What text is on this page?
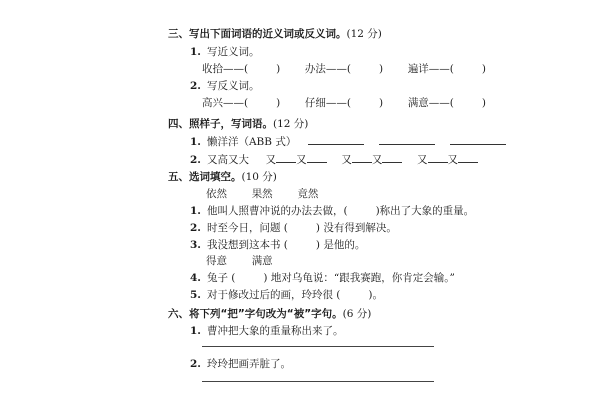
三、写出下面词语的近义词或反义词。(12 分)
1. 写近义词。
收拾——(	) 办法——(	) 遍详——(	)
2. 写反义词。
高兴——(	) 仔细——(	) 满意——(	)
四、照样子，写词语。(12 分)
1. 懒洋洋（ABB 式）
2. 又高又大 又 又	又 又	又 又
五、选词填空。(10 分)
依然 果然 竟然
1. 他叫人照曹冲说的办法去做，(	)称出了大象的重量。
2. 时至今日，问题 (	) 没有得到解决。
3. 我没想到这本书 (	) 是他的。
得意 满意
4. 兔子 (	) 地对乌龟说：“跟我赛跑，你肯定会输。”
5. 对于修改过后的画，玲玲很 (	)。
六、将下列“把”字句改为“被”字句。(6 分)
1. 曹冲把大象的重量称出来了。
2. 玲玲把画弄脏了。
